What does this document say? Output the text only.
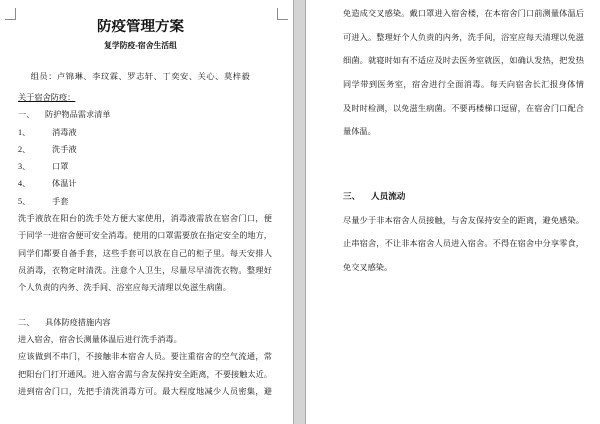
防疫管理方案
复学防疫-宿舍生活组
组员：卢锦琳、李玟霖、罗志轩、丁奕安、关心、莫梓毅
关于宿舍防疫：
一、	防护物品需求清单
1、	消毒液
2、	洗手液
3、	口罩
4、	体温计
5、	手套
洗手液放在阳台的洗手处方便大家使用，消毒液需放在宿舍门口，便
于同学一进宿舍便可安全消毒。使用的口罩需要放在指定安全的地方，
同学们都要自备手套，这些手套可以放在自己的柜子里。每天安排人
员消毒，衣物定时清洗。注意个人卫生，尽量尽早清洗衣物。整理好
个人负责的内务、洗手间、浴室应每天清理以免滋生病菌。
二、	具体防疫措施内容
进入宿舍，宿舍长测量体温后进行洗手消毒。
应该做到不串门，不接触非本宿舍人员。要注重宿舍的空气流通，常
把阳台门打开通风。进入宿舍需与舍友保持安全距离，不要接触太近。
进到宿舍门口，先把手清洗消毒方可。最大程度地减少人员密集，避
免造成交叉感染。戴口罩进入宿舍楼，在本宿舍门口前测量体温后
可进入。整理好个人负责的内务，洗手间，浴室应每天清理以免滋
细菌。就寝时如有不适应及时去医务室就医，如确认发热，把发热
同学带到医务室，宿舍进行全面消毒。每天向宿舍长汇报身体情
及时时检测，以免滋生病菌。不要再楼梯口逗留，在宿舍门口配合
量体温。
三、	人员流动
尽量少于非本宿舍人员接触，与舍友保持安全的距离，避免感染。
止串宿舍，不让非本宿舍人员进入宿舍。不得在宿舍中分享零食，
免交叉感染。
